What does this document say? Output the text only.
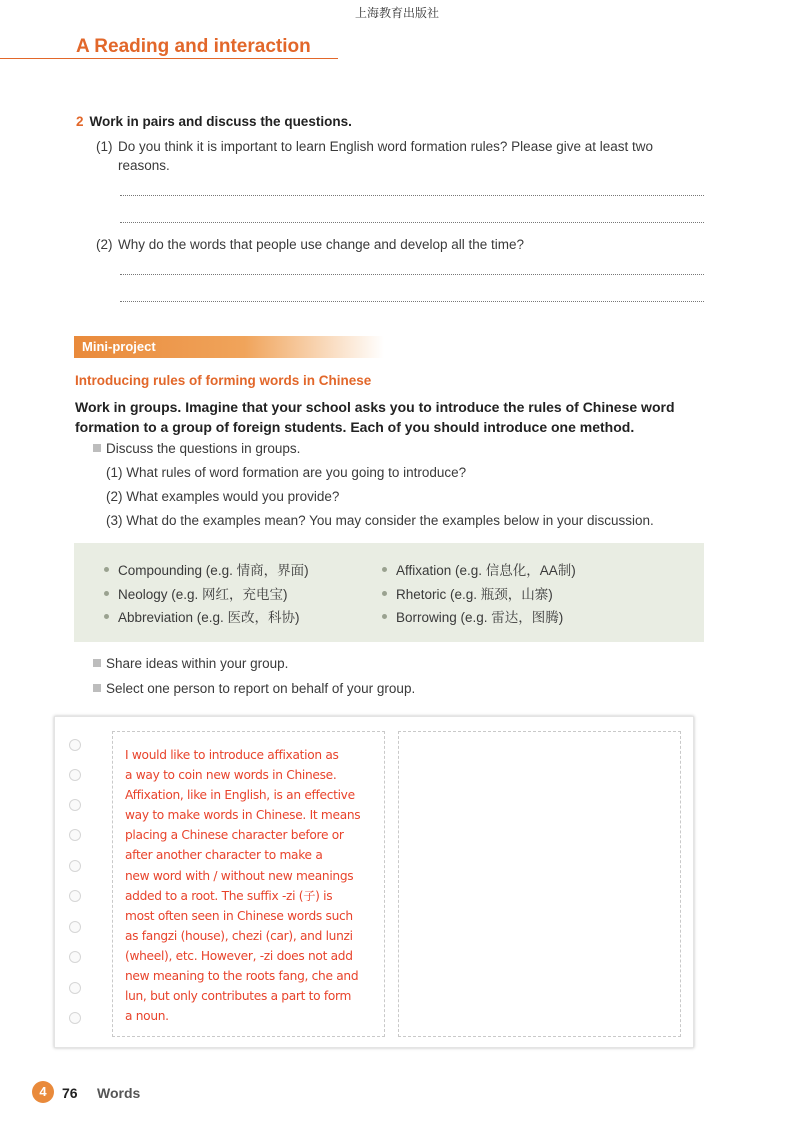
上海教育出版社
A Reading and interaction
2 Work in pairs and discuss the questions.
(1) Do you think it is important to learn English word formation rules? Please give at least two
reasons.
(2) Why do the words that people use change and develop all the time?
Mini-project
Introducing rules of forming words in Chinese
Work in groups. Imagine that your school asks you to introduce the rules of Chinese word
formation to a group of foreign students. Each of you should introduce one method.
Discuss the questions in groups.
(1) What rules of word formation are you going to introduce?
(2) What examples would you provide?
(3) What do the examples mean? You may consider the examples below in your discussion.
Compounding (e.g. 情商，界面)	Affixation (e.g. 信息化，AA制)
Neology (e.g. 网红，充电宝)	Rhetoric (e.g. 瓶颈，山寨)
Abbreviation (e.g. 医改，科协)	Borrowing (e.g. 雷达，图腾)
Share ideas within your group.
Select one person to report on behalf of your group.
I would like to introduce affixation as
a way to coin new words in Chinese.
Affixation, like in English, is an effective
way to make words in Chinese. It means
placing a Chinese character before or
after another character to make a
new word with / without new meanings
added to a root. The suffix -zi (子) is
most often seen in Chinese words such
as fangzi (house), chezi (car), and lunzi
(wheel), etc. However, -zi does not add
new meaning to the roots fang, che and
lun, but only contributes a part to form
a noun.
4	76 Words
